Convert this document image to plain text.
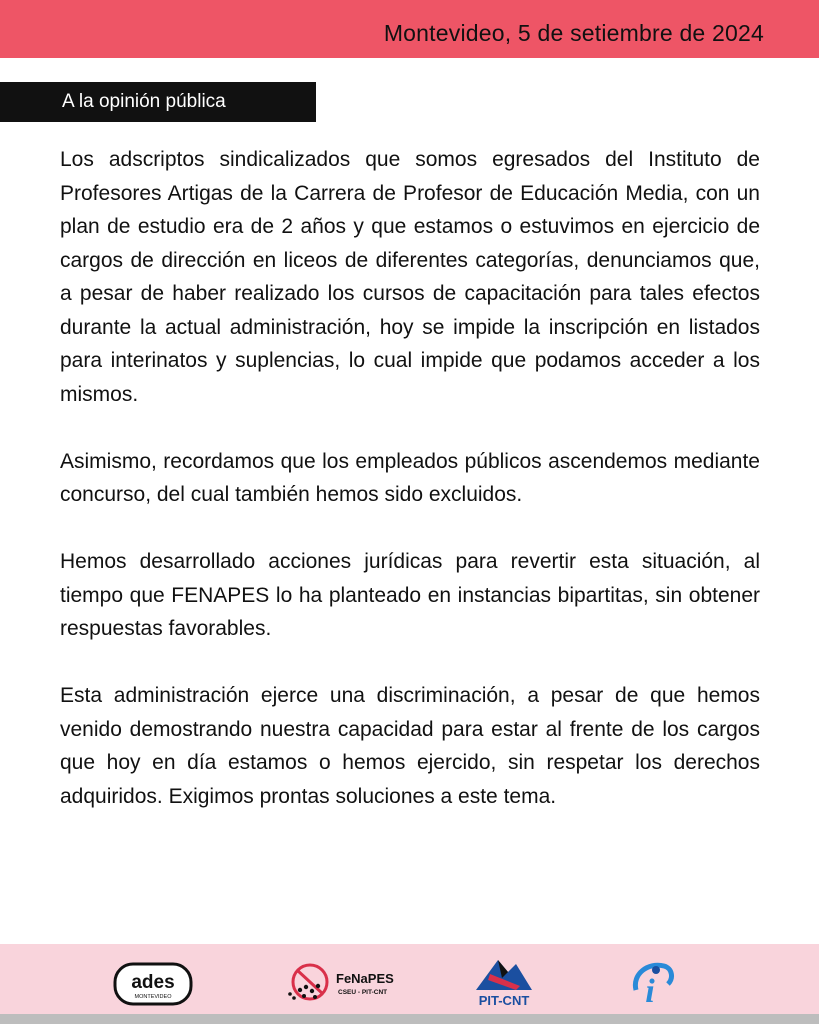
Montevideo, 5 de setiembre de 2024
A la opinión pública

Los adscriptos sindicalizados que somos egresados del Instituto de Profesores Artigas de la Carrera de Profesor de Educación Media, con un plan de estudio era de 2 años y que estamos o estuvimos en ejercicio de cargos de dirección en liceos de diferentes categorías, denunciamos que, a pesar de haber realizado los cursos de capacitación para tales efectos durante la actual administración, hoy se impide la inscripción en listados para interinatos y suplencias, lo cual impide que podamos acceder a los mismos.

Asimismo, recordamos que los empleados públicos ascendemos mediante concurso, del cual también hemos sido excluidos.

Hemos desarrollado acciones jurídicas para revertir esta situación, al tiempo que FENAPES lo ha planteado en instancias bipartitas, sin obtener respuestas favorables.

Esta administración ejerce una discriminación, a pesar de que hemos venido demostrando nuestra capacidad para estar al frente de los cargos que hoy en día estamos o hemos ejercido, sin respetar los derechos adquiridos. Exigimos prontas soluciones a este tema.

ades
MONTEVIDEO
FeNaPES
CSEU - PIT-CNT
PIT-CNT	i
